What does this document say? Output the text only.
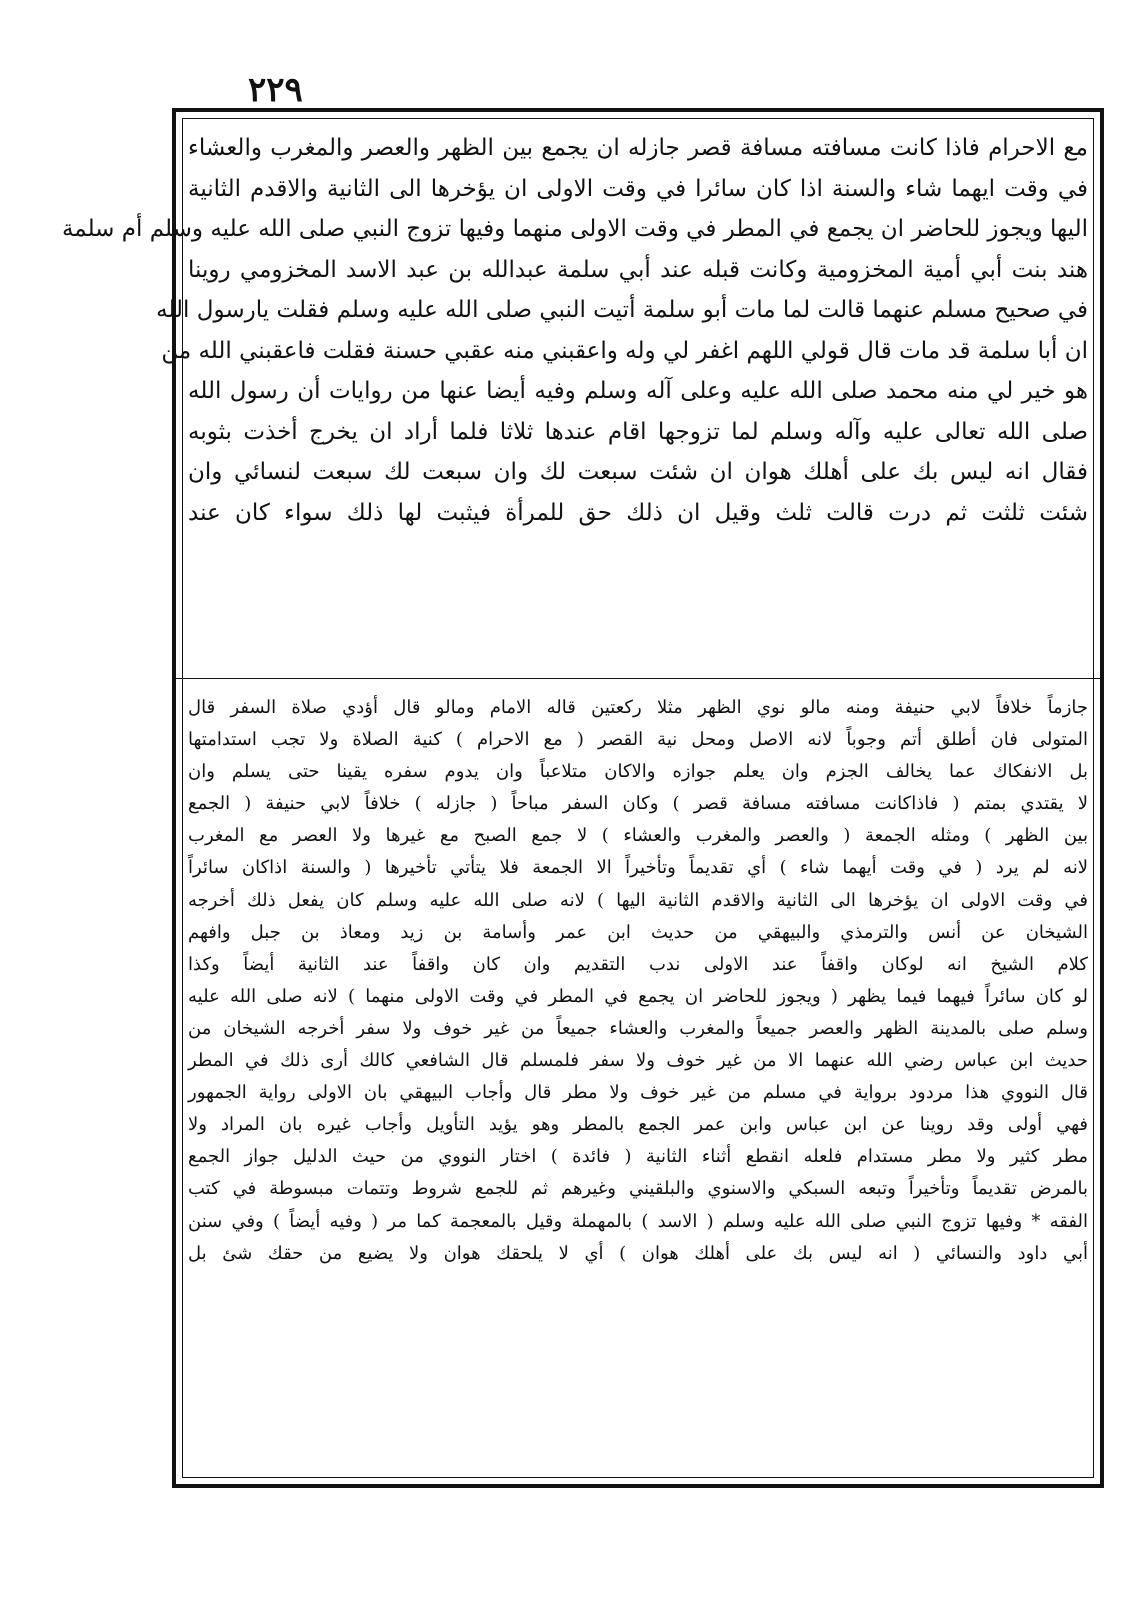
٢٢٩
مع الاحرام فاذا كانت مسافته مسافة قصر جازله ان يجمع بين الظهر والعصر والمغرب والعشاء
في وقت ايهما شاء والسنة اذا كان سائرا في وقت الاولى ان يؤخرها الى الثانية والاقدم الثانية
اليها ويجوز للحاضر ان يجمع في المطر في وقت الاولى منهما وفيها تزوج النبي صلى الله عليه وسلم أم سلمة
هند بنت أبي أمية المخزومية وكانت قبله عند أبي سلمة عبدالله بن عبد الاسد المخزومي روينا
في صحيح مسلم عنهما قالت لما مات أبو سلمة أتيت النبي صلى الله عليه وسلم فقلت يارسول الله
ان أبا سلمة قد مات قال قولي اللهم اغفر لي وله واعقبني منه عقبي حسنة فقلت فاعقبني الله من
هو خير لي منه محمد صلى الله عليه وعلى آله وسلم وفيه أيضا عنها من روايات أن رسول الله
صلى الله تعالى عليه وآله وسلم لما تزوجها اقام عندها ثلاثا فلما أراد ان يخرج أخذت بثوبه
فقال انه ليس بك على أهلك هوان ان شئت سبعت لك وان سبعت لك سبعت لنسائي وان
شئت ثلثت ثم درت قالت ثلث وقيل ان ذلك حق للمرأة فيثبت لها ذلك سواء كان عند
جازماً خلافاً لابي حنيفة ومنه مالو نوي الظهر مثلا ركعتين قاله الامام ومالو قال أؤدي صلاة السفر قال
المتولى فان أطلق أتم وجوباً لانه الاصل ومحل نية القصر ( مع الاحرام ) كنية الصلاة ولا تجب استدامتها
بل الانفكاك عما يخالف الجزم وان يعلم جوازه والاكان متلاعباً وان يدوم سفره يقينا حتى يسلم وان
لا يقتدي بمتم ( فاذاكانت مسافته مسافة قصر ) وكان السفر مباحاً ( جازله ) خلافاً لابي حنيفة ( الجمع
بين الظهر ) ومثله الجمعة ( والعصر والمغرب والعشاء ) لا جمع الصبح مع غيرها ولا العصر مع المغرب
لانه لم يرد ( في وقت أيهما شاء ) أي تقديماً وتأخيراً الا الجمعة فلا يتأتي تأخيرها ( والسنة اذاكان سائراً
في وقت الاولى ان يؤخرها الى الثانية والاقدم الثانية اليها ) لانه صلى الله عليه وسلم كان يفعل ذلك أخرجه
الشيخان عن أنس والترمذي والبيهقي من حديث ابن عمر وأسامة بن زيد ومعاذ بن جبل وافهم
كلام الشيخ انه لوكان واقفاً عند الاولى ندب التقديم وان كان واقفاً عند الثانية أيضاً وكذا
لو كان سائراً فيهما فيما يظهر ( ويجوز للحاضر ان يجمع في المطر في وقت الاولى منهما ) لانه صلى الله عليه
وسلم صلى بالمدينة الظهر والعصر جميعاً والمغرب والعشاء جميعاً من غير خوف ولا سفر أخرجه الشيخان من
حديث ابن عباس رضي الله عنهما الا من غير خوف ولا سفر فلمسلم قال الشافعي كالك أرى ذلك في المطر
قال النووي هذا مردود برواية في مسلم من غير خوف ولا مطر قال وأجاب البيهقي بان الاولى رواية الجمهور
فهي أولى وقد روينا عن ابن عباس وابن عمر الجمع بالمطر وهو يؤيد التأويل وأجاب غيره بان المراد ولا
مطر كثير ولا مطر مستدام فلعله انقطع أثناء الثانية ( فائدة ) اختار النووي من حيث الدليل جواز الجمع
بالمرض تقديماً وتأخيراً وتبعه السبكي والاسنوي والبلقيني وغيرهم ثم للجمع شروط وتتمات مبسوطة في كتب
الفقه * وفيها تزوج النبي صلى الله عليه وسلم ( الاسد ) بالمهملة وقيل بالمعجمة كما مر ( وفيه أيضاً ) وفي سنن
أبي داود والنسائي ( انه ليس بك على أهلك هوان ) أي لا يلحقك هوان ولا يضيع من حقك شئ بل
